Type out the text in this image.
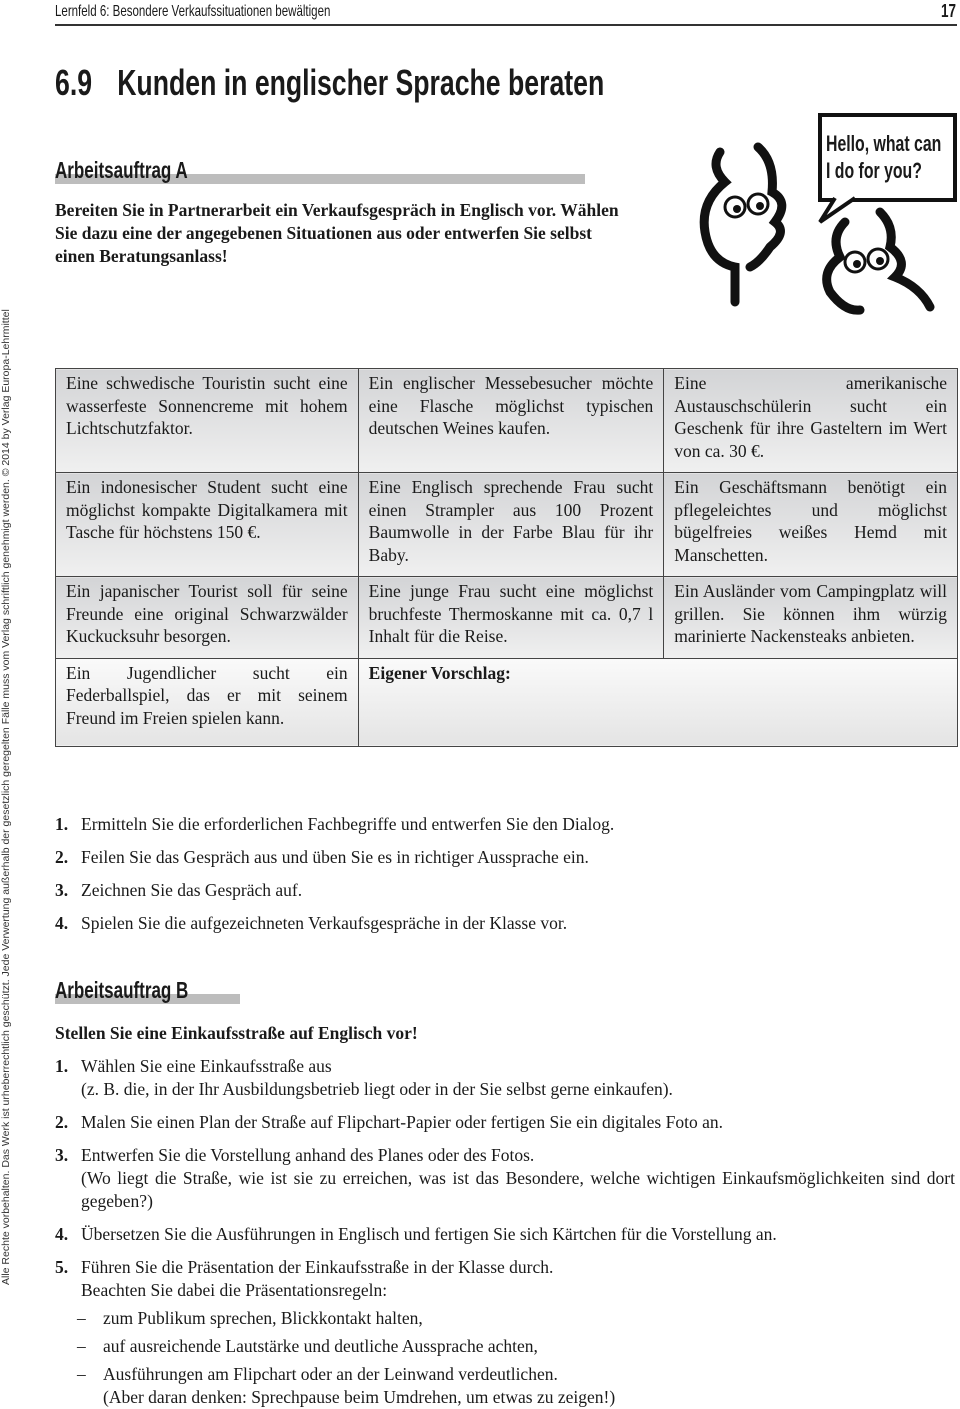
Lernfeld 6: Besondere Verkaufssituationen bewältigen	17
6.9 Kunden in englischer Sprache beraten
Alle Rechte vorbehalten. Das Werk ist urheberrechtlich geschützt. Jede Verwertung außerhalb der gesetzlich geregelten Fälle muss vom Verlag schriftlich genehmigt werden. © 2014 by Verlag Europa-Lehrmittel
Hello, what can
I do for you?
Arbeitsauftrag A
Bereiten Sie in Partnerarbeit ein Verkaufsgespräch in Englisch vor. Wählen Sie dazu eine der angegebenen Situationen aus oder entwerfen Sie selbst einen Beratungsanlass!
Eine schwedische Touristin sucht eine wasserfeste Sonnencreme mit hohem Lichtschutzfaktor.	Ein englischer Messebesucher möchte eine Flasche möglichst typischen deutschen Weines kaufen.	Eine amerikanische Austauschschülerin sucht ein Geschenk für ihre Gasteltern im Wert von ca. 30 €.
Ein indonesischer Student sucht eine möglichst kompakte Digitalkamera mit Tasche für höchstens 150 €.	Eine Englisch sprechende Frau sucht einen Strampler aus 100 Prozent Baumwolle in der Farbe Blau für ihr Baby.	Ein Geschäftsmann benötigt ein pflegeleichtes und möglichst bügelfreies weißes Hemd mit Manschetten.
Ein japanischer Tourist soll für seine Freunde eine original Schwarzwälder Kuckucksuhr besorgen.	Eine junge Frau sucht eine möglichst bruchfeste Thermoskanne mit ca. 0,7 l Inhalt für die Reise.	Ein Ausländer vom Campingplatz will grillen. Sie können ihm würzig marinierte Nackensteaks anbieten.
Ein Jugendlicher sucht ein Federballspiel, das er mit seinem Freund im Freien spielen kann.	Eigener Vorschlag:	
1. Ermitteln Sie die erforderlichen Fachbegriffe und entwerfen Sie den Dialog.
2. Feilen Sie das Gespräch aus und üben Sie es in richtiger Aussprache ein.
3. Zeichnen Sie das Gespräch auf.
4. Spielen Sie die aufgezeichneten Verkaufsgespräche in der Klasse vor.
Arbeitsauftrag B
Stellen Sie eine Einkaufsstraße auf Englisch vor!
1. Wählen Sie eine Einkaufsstraße aus
(z. B. die, in der Ihr Ausbildungsbetrieb liegt oder in der Sie selbst gerne einkaufen).
2. Malen Sie einen Plan der Straße auf Flipchart-Papier oder fertigen Sie ein digitales Foto an.
3. Entwerfen Sie die Vorstellung anhand des Planes oder des Fotos.
(Wo liegt die Straße, wie ist sie zu erreichen, was ist das Besondere, welche wichtigen Einkaufsmöglichkeiten sind dort gegeben?)
4. Übersetzen Sie die Ausführungen in Englisch und fertigen Sie sich Kärtchen für die Vorstellung an.
5. Führen Sie die Präsentation der Einkaufsstraße in der Klasse durch.
Beachten Sie dabei die Präsentationsregeln:
– zum Publikum sprechen, Blickkontakt halten,
– auf ausreichende Lautstärke und deutliche Aussprache achten,
– Ausführungen am Flipchart oder an der Leinwand verdeutlichen.
(Aber daran denken: Sprechpause beim Umdrehen, um etwas zu zeigen!)
